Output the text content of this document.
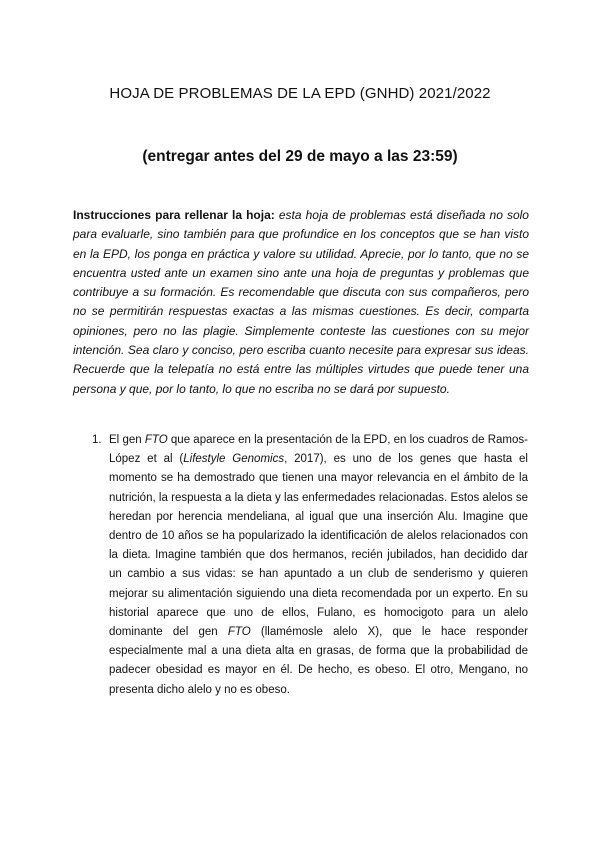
HOJA DE PROBLEMAS DE LA EPD (GNHD) 2021/2022
(entregar antes del 29 de mayo a las 23:59)

Instrucciones para rellenar la hoja: esta hoja de problemas está diseñada no solo para evaluarle, sino también para que profundice en los conceptos que se han visto en la EPD, los ponga en práctica y valore su utilidad. Aprecie, por lo tanto, que no se encuentra usted ante un examen sino ante una hoja de preguntas y problemas que contribuye a su formación. Es recomendable que discuta con sus compañeros, pero no se permitirán respuestas exactas a las mismas cuestiones. Es decir, comparta opiniones, pero no las plagie. Simplemente conteste las cuestiones con su mejor intención. Sea claro y conciso, pero escriba cuanto necesite para expresar sus ideas. Recuerde que la telepatía no está entre las múltiples virtudes que puede tener una persona y que, por lo tanto, lo que no escriba no se dará por supuesto.

1. El gen FTO que aparece en la presentación de la EPD, en los cuadros de Ramos-López et al (Lifestyle Genomics, 2017), es uno de los genes que hasta el momento se ha demostrado que tienen una mayor relevancia en el ámbito de la nutrición, la respuesta a la dieta y las enfermedades relacionadas. Estos alelos se heredan por herencia mendeliana, al igual que una inserción Alu. Imagine que dentro de 10 años se ha popularizado la identificación de alelos relacionados con la dieta. Imagine también que dos hermanos, recién jubilados, han decidido dar un cambio a sus vidas: se han apuntado a un club de senderismo y quieren mejorar su alimentación siguiendo una dieta recomendada por un experto. En su historial aparece que uno de ellos, Fulano, es homocigoto para un alelo dominante del gen FTO (llamémosle alelo X), que le hace responder especialmente mal a una dieta alta en grasas, de forma que la probabilidad de padecer obesidad es mayor en él. De hecho, es obeso. El otro, Mengano, no presenta dicho alelo y no es obeso.
